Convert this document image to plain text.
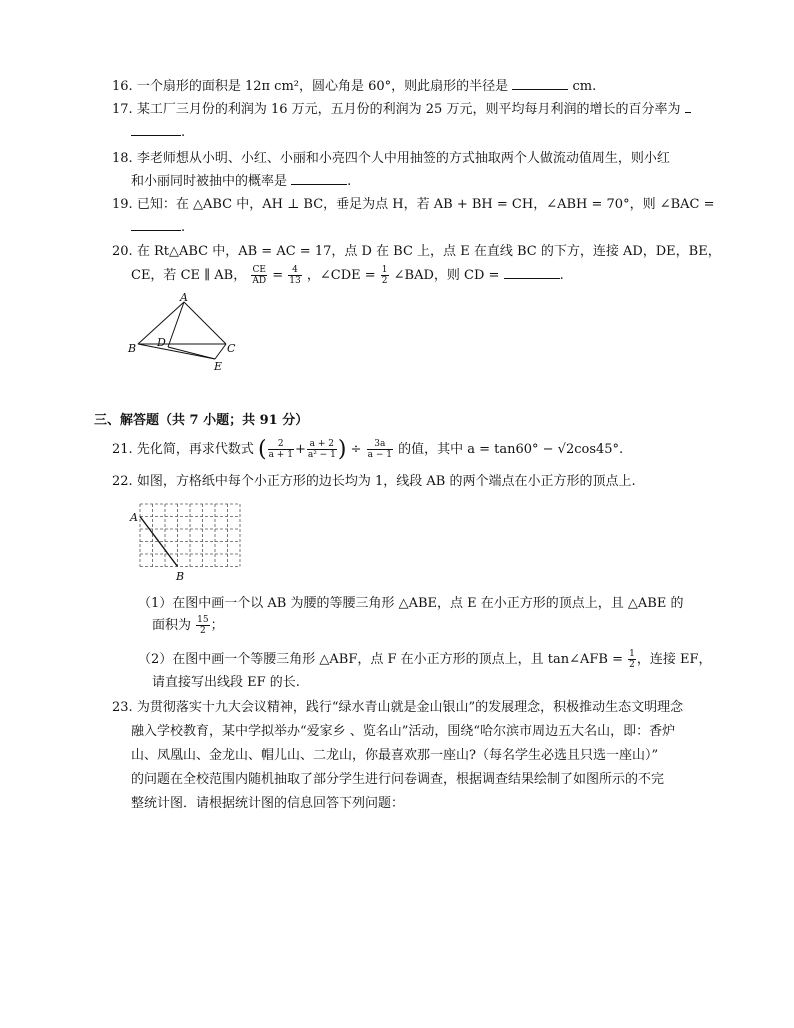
16. 一个扇形的面积是 12π cm²，圆心角是 60°，则此扇形的半径是	cm.
17. 某工厂三月份的利润为 16 万元，五月份的利润为 25 万元，则平均每月利润的增长的百分率为
.
18. 李老师想从小明、小红、小丽和小亮四个人中用抽签的方式抽取两个人做流动值周生，则小红
和小丽同时被抽中的概率是	.
19. 已知：在 △ABC 中，AH ⊥ BC，垂足为点 H，若 AB + BH = CH，∠ABH = 70°，则 ∠BAC =
.
20. 在 Rt△ABC 中，AB = AC = 17，点 D 在 BC 上，点 E 在直线 BC 的下方，连接 AD，DE，BE，
CE，若 CE ∥ AB， $\frac{CE}{AD} = \frac{4}{13}$ ，∠CDE = $\frac{1}{2}$ ∠BAD，则 CD =	.
A
B	C
D
E
三、解答题（共 7 小题；共 91 分）
21. 先化简，再求代数式 ( $\frac{2}{a + 1} + \frac{a + 2}{\text{a² − 1}}$ ) ÷ $\frac{3a}{a - 1}$ 的值，其中 a = tan60° − √2cos45°.
22. 如图，方格纸中每个小正方形的边长均为 1，线段 AB 的两个端点在小正方形的顶点上.
A
B
（1）在图中画一个以 AB 为腰的等腰三角形 △ABE，点 E 在小正方形的顶点上，且 △ABE 的
面积为 $\frac{15}{2}$ ；
（2）在图中画一个等腰三角形 △ABF，点 F 在小正方形的顶点上，且 tan∠AFB = $\frac{1}{2}$ ，连接 EF，
请直接写出线段 EF 的长.
23. 为贯彻落实十九大会议精神，践行“绿水青山就是金山银山”的发展理念，积极推动生态文明理念
融入学校教育，某中学拟举办“爱家乡 、览名山”活动，围绕“哈尔滨市周边五大名山，即：香炉
山、凤凰山、金龙山、帽儿山、二龙山，你最喜欢那一座山?（每名学生必选且只选一座山）”
的问题在全校范围内随机抽取了部分学生进行问卷调查，根据调查结果绘制了如图所示的不完
整统计图．请根据统计图的信息回答下列问题：
